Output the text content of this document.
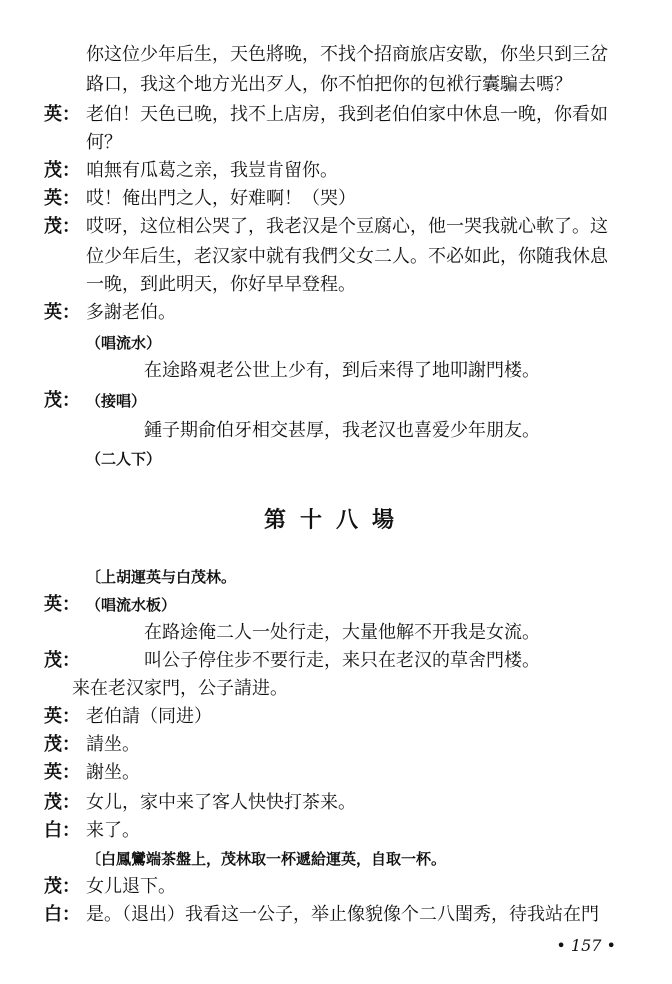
你这位少年后生，天色將晚，不找个招商旅店安歇，你坐只到三岔
路口，我这个地方光出歹人，你不怕把你的包袱行囊騙去嗎？
英： 老伯！天色已晚，找不上店房，我到老伯伯家中休息一晚，你看如
何？
茂： 咱無有瓜葛之亲，我豈肯留你。
英： 哎！俺出門之人，好难啊！（哭）
茂： 哎呀，这位相公哭了，我老汉是个豆腐心，他一哭我就心軟了。这
位少年后生，老汉家中就有我們父女二人。不必如此，你随我休息
一晚，到此明天，你好早早登程。
英： 多謝老伯。
（唱流水）
在途路覌老公世上少有，到后来得了地叩謝門楼。
茂： （接唱）
鍾子期俞伯牙相交甚厚，我老汉也喜爱少年朋友。
（二人下）
〔上胡運英与白茂林。
英： （唱流水板）
在路途俺二人一处行走，大量他解不开我是女流。
茂：	叫公子停住步不要行走，来只在老汉的草舍門楼。
来在老汉家門，公子請进。
英： 老伯請（同进）
茂： 請坐。
英： 謝坐。
茂： 女儿，家中来了客人快快打茶来。
白： 来了。
〔白鳳鸞端茶盤上，茂林取一杯遞給運英，自取一杯。
茂： 女儿退下。
白： 是。（退出）我看这一公子，举止像貌像个二八閨秀，待我站在門
第十八場
• 157 •
